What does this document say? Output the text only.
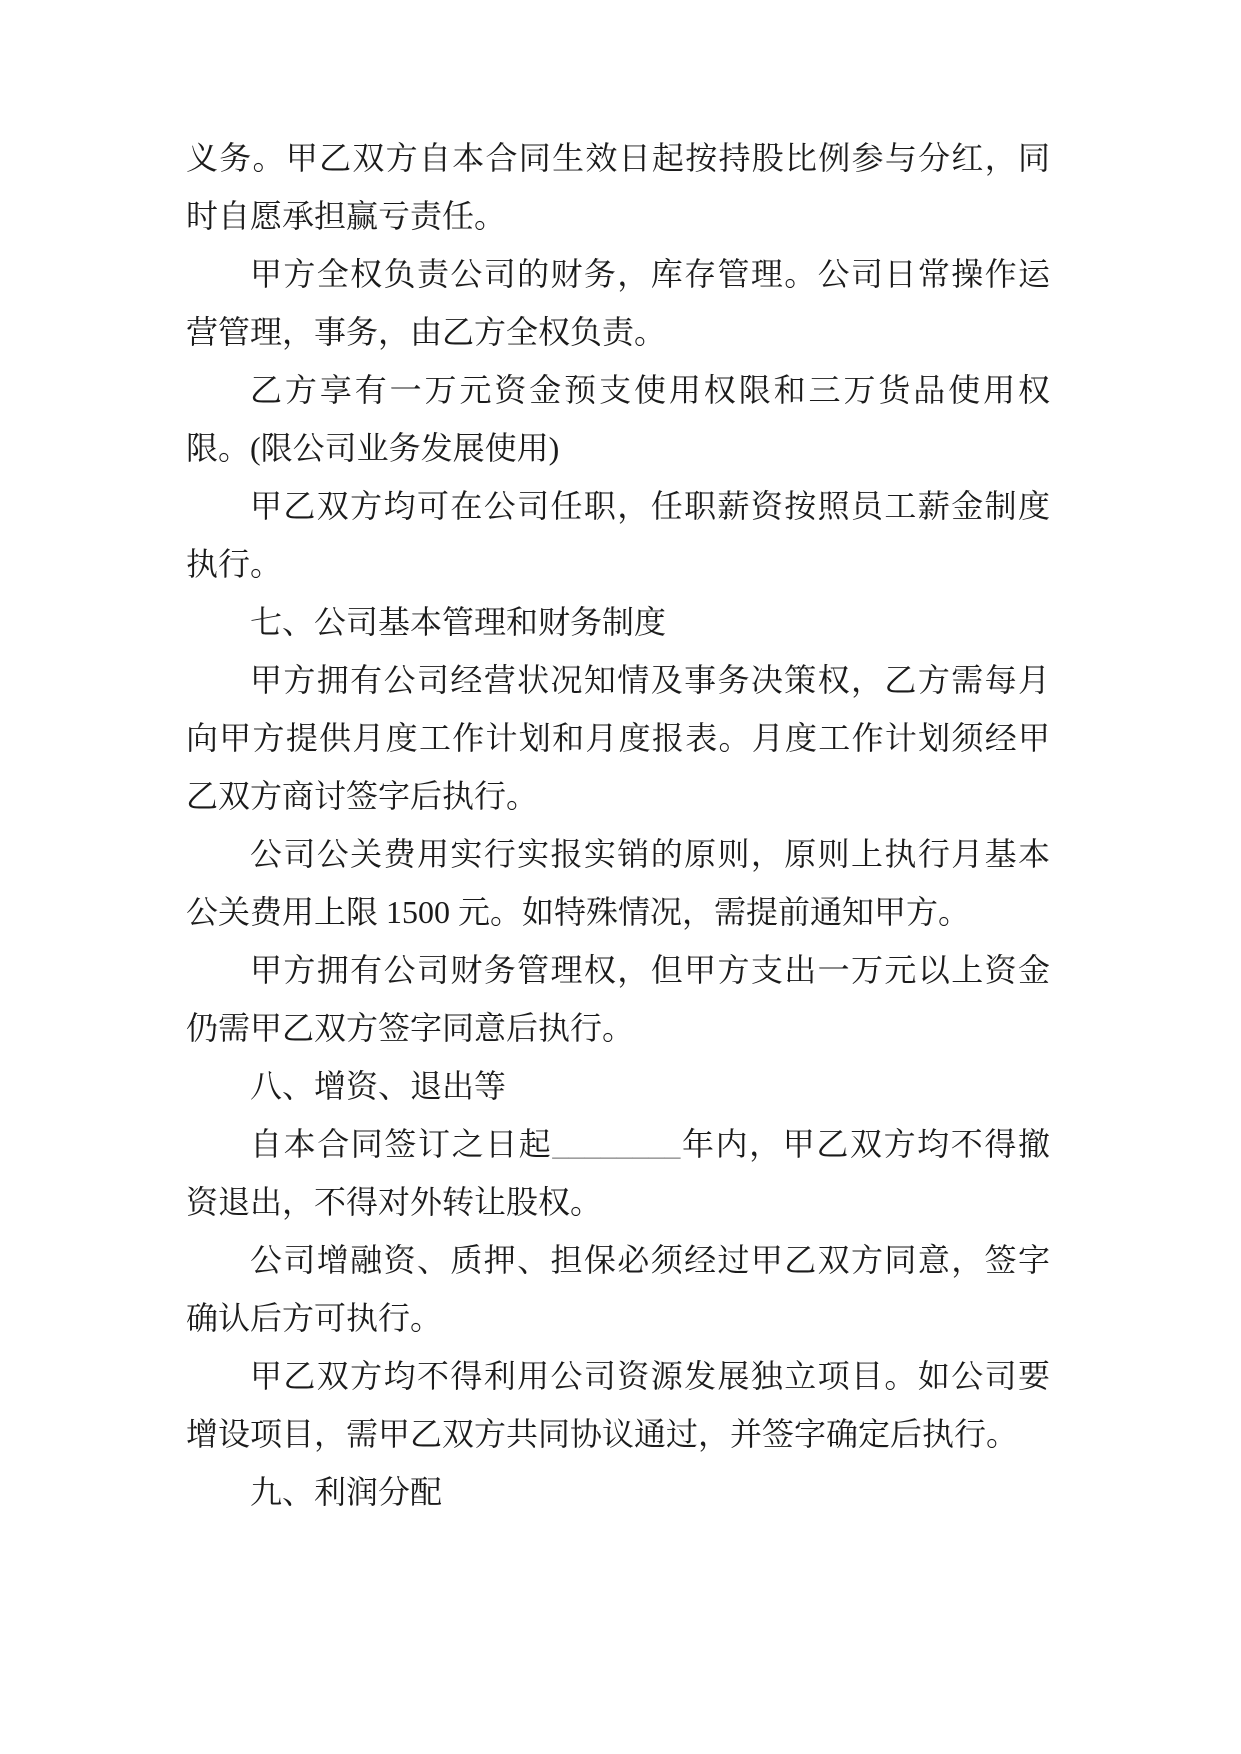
义务。甲乙双方自本合同生效日起按持股比例参与分红，同
时自愿承担赢亏责任。
甲方全权负责公司的财务，库存管理。公司日常操作运
营管理，事务，由乙方全权负责。
乙方享有一万元资金预支使用权限和三万货品使用权
限。(限公司业务发展使用)
甲乙双方均可在公司任职，任职薪资按照员工薪金制度
执行。
七、公司基本管理和财务制度
甲方拥有公司经营状况知情及事务决策权，乙方需每月
向甲方提供月度工作计划和月度报表。月度工作计划须经甲
乙双方商讨签字后执行。
公司公关费用实行实报实销的原则，原则上执行月基本
公关费用上限 1500 元。如特殊情况，需提前通知甲方。
甲方拥有公司财务管理权，但甲方支出一万元以上资金
仍需甲乙双方签字同意后执行。
八、增资、退出等
自本合同签订之日起________年内，甲乙双方均不得撤
资退出，不得对外转让股权。
公司增融资、质押、担保必须经过甲乙双方同意，签字
确认后方可执行。
甲乙双方均不得利用公司资源发展独立项目。如公司要
增设项目，需甲乙双方共同协议通过，并签字确定后执行。
九、利润分配
